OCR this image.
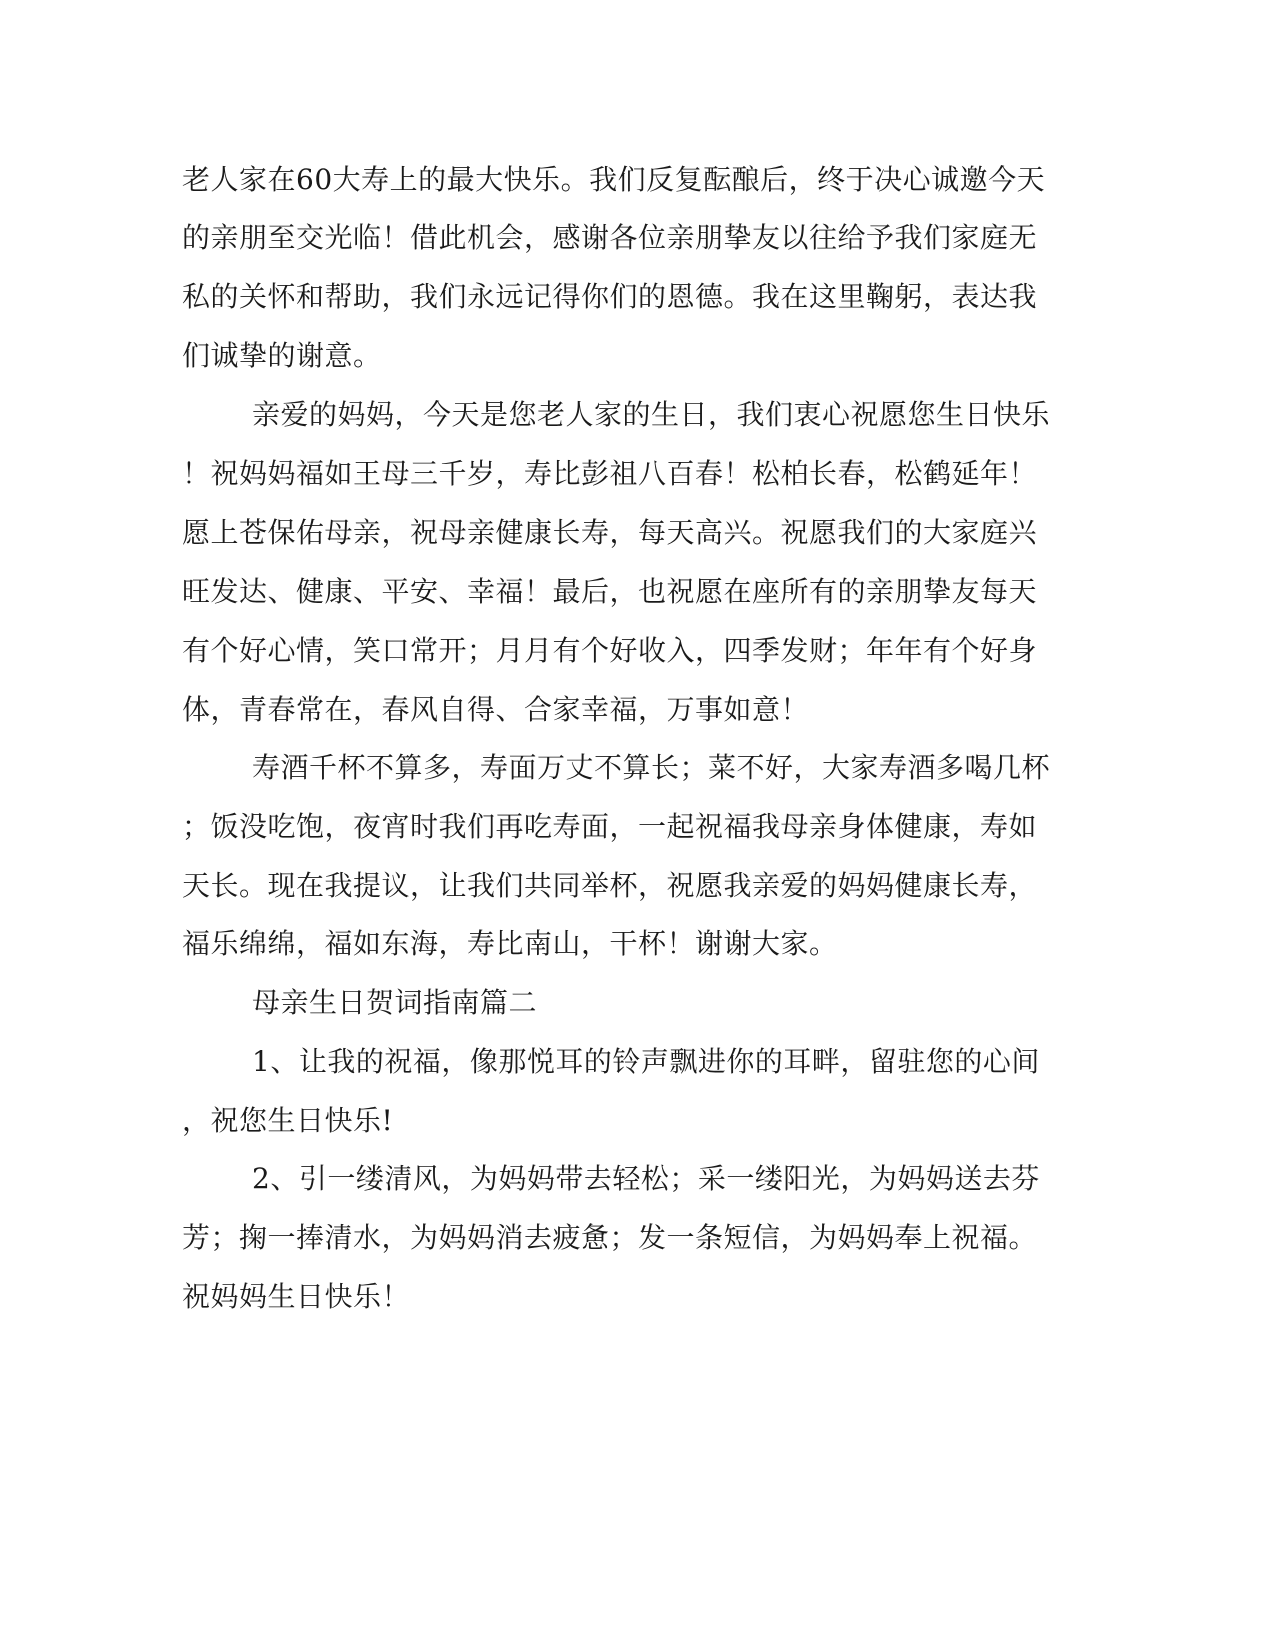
老人家在60大寿上的最大快乐。我们反复酝酿后，终于决心诚邀今天
的亲朋至交光临！借此机会，感谢各位亲朋挚友以往给予我们家庭无
私的关怀和帮助，我们永远记得你们的恩德。我在这里鞠躬，表达我
们诚挚的谢意。
亲爱的妈妈，今天是您老人家的生日，我们衷心祝愿您生日快乐
！祝妈妈福如王母三千岁，寿比彭祖八百春！松柏长春，松鹤延年！
愿上苍保佑母亲，祝母亲健康长寿，每天高兴。祝愿我们的大家庭兴
旺发达、健康、平安、幸福！最后，也祝愿在座所有的亲朋挚友每天
有个好心情，笑口常开；月月有个好收入，四季发财；年年有个好身
体，青春常在，春风自得、合家幸福，万事如意！
寿酒千杯不算多，寿面万丈不算长；菜不好，大家寿酒多喝几杯
；饭没吃饱，夜宵时我们再吃寿面，一起祝福我母亲身体健康，寿如
天长。现在我提议，让我们共同举杯，祝愿我亲爱的妈妈健康长寿，
福乐绵绵，福如东海，寿比南山，干杯！谢谢大家。
母亲生日贺词指南篇二
1、让我的祝福，像那悦耳的铃声飘进你的耳畔，留驻您的心间
，祝您生日快乐!
2、引一缕清风，为妈妈带去轻松；采一缕阳光，为妈妈送去芬
芳；掬一捧清水，为妈妈消去疲惫；发一条短信，为妈妈奉上祝福。
祝妈妈生日快乐！
